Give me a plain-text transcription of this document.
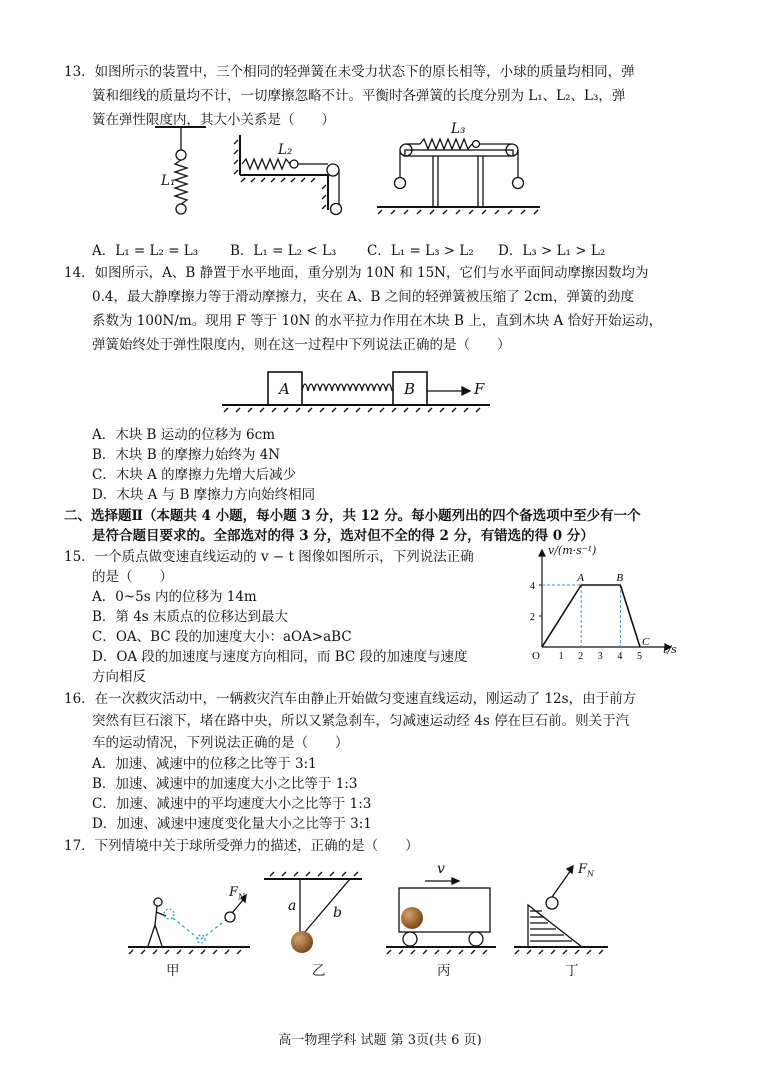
13．如图所示的装置中，三个相同的轻弹簧在未受力状态下的原长相等，小球的质量均相同，弹
簧和细线的质量均不计，一切摩擦忽略不计。平衡时各弹簧的长度分别为 L₁、L₂、L₃，弹
簧在弹性限度内，其大小关系是（　　）
L₁
L₂
L₃
A．L₁ = L₂ = L₃ B．L₁ = L₂ < L₃ C．L₁ = L₃ > L₂ D．L₃ > L₁ > L₂
14．如图所示，A、B 静置于水平地面，重分别为 10N 和 15N，它们与水平面间动摩擦因数均为
0.4，最大静摩擦力等于滑动摩擦力，夹在 A、B 之间的轻弹簧被压缩了 2cm，弹簧的劲度
系数为 100N/m。现用 F 等于 10N 的水平拉力作用在木块 B 上，直到木块 A 恰好开始运动，
弹簧始终处于弹性限度内，则在这一过程中下列说法正确的是（　　）
A	B	F
A．木块 B 运动的位移为 6cm
B．木块 B 的摩擦力始终为 4N
C．木块 A 的摩擦力先增大后减少
D．木块 A 与 B 摩擦力方向始终相同
二、选择题Ⅱ（本题共 4 小题，每小题 3 分，共 12 分。每小题列出的四个备选项中至少有一个
是符合题目要求的。全部选对的得 3 分，选对但不全的得 2 分，有错选的得 0 分）
15．一个质点做变速直线运动的 v − t 图像如图所示，下列说法正确
的是（　　）
A．0~5s 内的位移为 14m
B．第 4s 末质点的位移达到最大
C．OA、BC 段的加速度大小：aOA>aBC
D．OA 段的加速度与速度方向相同，而 BC 段的加速度与速度
方向相反
O
A	B
C
1 2 3 4 5
2
4
v/(m·s⁻¹)
t/s
16．在一次救灾活动中，一辆救灾汽车由静止开始做匀变速直线运动，刚运动了 12s，由于前方
突然有巨石滚下，堵在路中央，所以又紧急刹车，匀减速运动经 4s 停在巨石前。则关于汽
车的运动情况，下列说法正确的是（　　）
A．加速、减速中的位移之比等于 3:1
B．加速、减速中的加速度大小之比等于 1:3
C．加速、减速中的平均速度大小之比等于 1:3
D．加速、减速中速度变化量大小之比等于 3:1
17．下列情境中关于球所受弹力的描述，正确的是（　　）
$F_N$
a	b
v	$F_N$
甲	乙	丙	丁
高一物理学科 试题 第 3页(共 6 页)
